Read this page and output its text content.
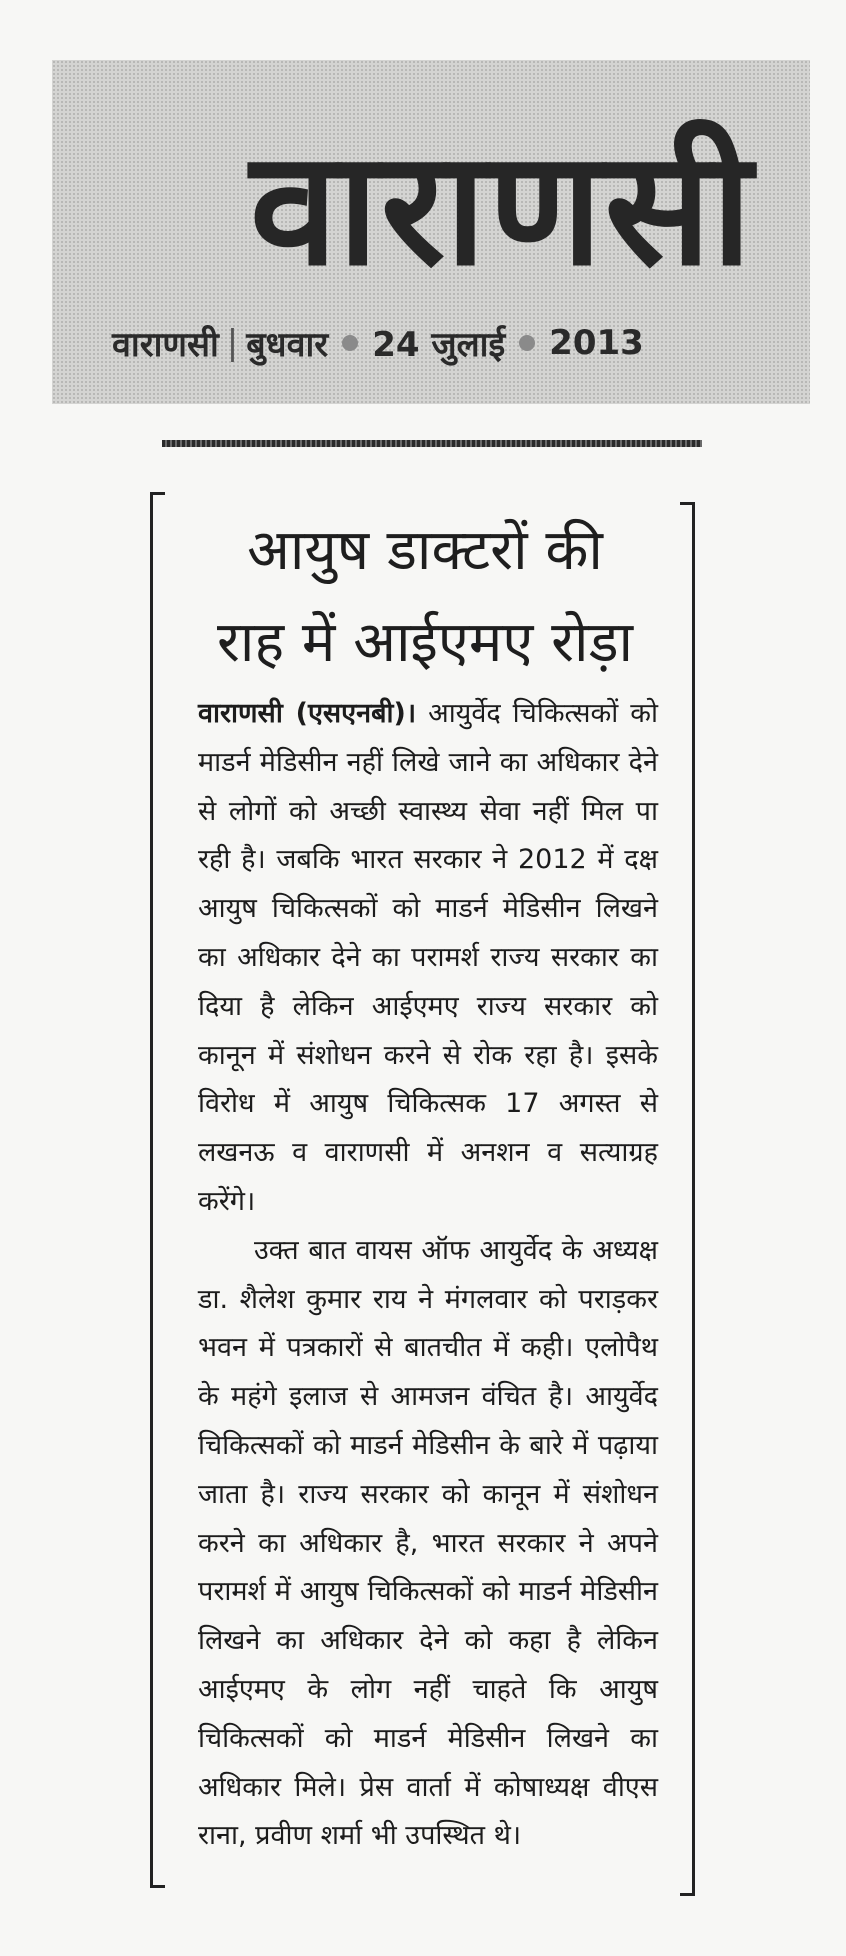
वाराणसी
वाराणसी | बुधवार 24 जुलाई 2013
आयुष डाक्टरों की
राह में आईएमए रोड़ा

वाराणसी (एसएनबी)। आयुर्वेद चिकित्सकों को माडर्न मेडिसीन नहीं लिखे जाने का अधिकार देने से लोगों को अच्छी स्वास्थ्य सेवा नहीं मिल पा रही है। जबकि भारत सरकार ने 2012 में दक्ष आयुष चिकित्सकों को माडर्न मेडिसीन लिखने का अधिकार देने का परामर्श राज्य सरकार का दिया है लेकिन आईएमए राज्य सरकार को कानून में संशोधन करने से रोक रहा है। इसके विरोध में आयुष चिकित्सक 17 अगस्त से लखनऊ व वाराणसी में अनशन व सत्याग्रह करेंगे।

उक्त बात वायस ऑफ आयुर्वेद के अध्यक्ष डा. शैलेश कुमार राय ने मंगलवार को पराड़कर भवन में पत्रकारों से बातचीत में कही। एलोपैथ के महंगे इलाज से आमजन वंचित है। आयुर्वेद चिकित्सकों को माडर्न मेडिसीन के बारे में पढ़ाया जाता है। राज्य सरकार को कानून में संशोधन करने का अधिकार है, भारत सरकार ने अपने परामर्श में आयुष चिकित्सकों को माडर्न मेडिसीन लिखने का अधिकार देने को कहा है लेकिन आईएमए के लोग नहीं चाहते कि आयुष चिकित्सकों को माडर्न मेडिसीन लिखने का अधिकार मिले। प्रेस वार्ता में कोषाध्यक्ष वीएस राना, प्रवीण शर्मा भी उपस्थित थे।
